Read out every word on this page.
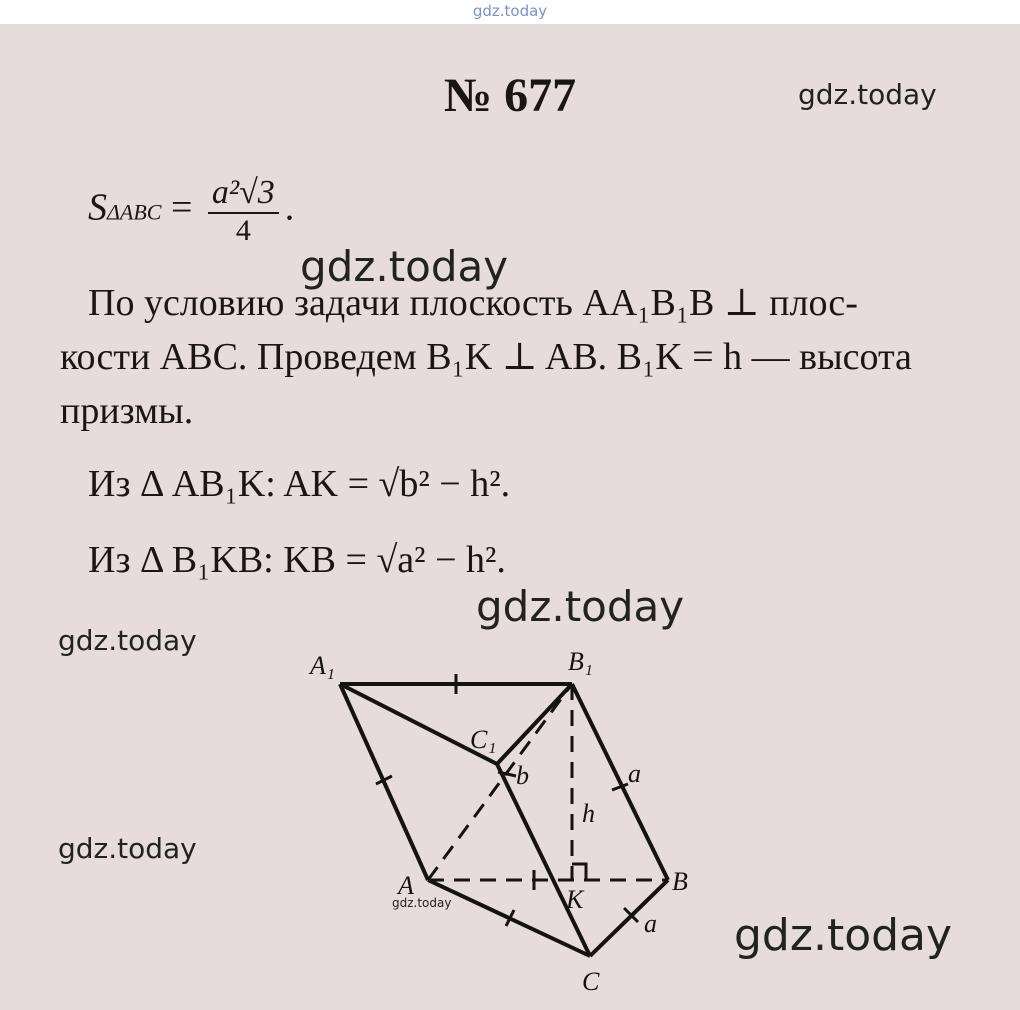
gdz.today
№ 677
$S\Delta ABC = \frac{\text{a²√3}}{4}$ .

По условию задачи плоскость AA₁B₁B ⊥ плос-

кости ABC. Проведем B₁K ⊥ AB. B₁K = h — высота

призмы.

Из Δ AB₁K: AK = √b² − h².
Из Δ B₁KB: KB = √a² − h².
A₁	B₁
C₁
A	B
C
K
h
b	a
a
gdz.today
gdz.today
gdz.today
gdz.today
gdz.today
gdz.today
gdz.today
